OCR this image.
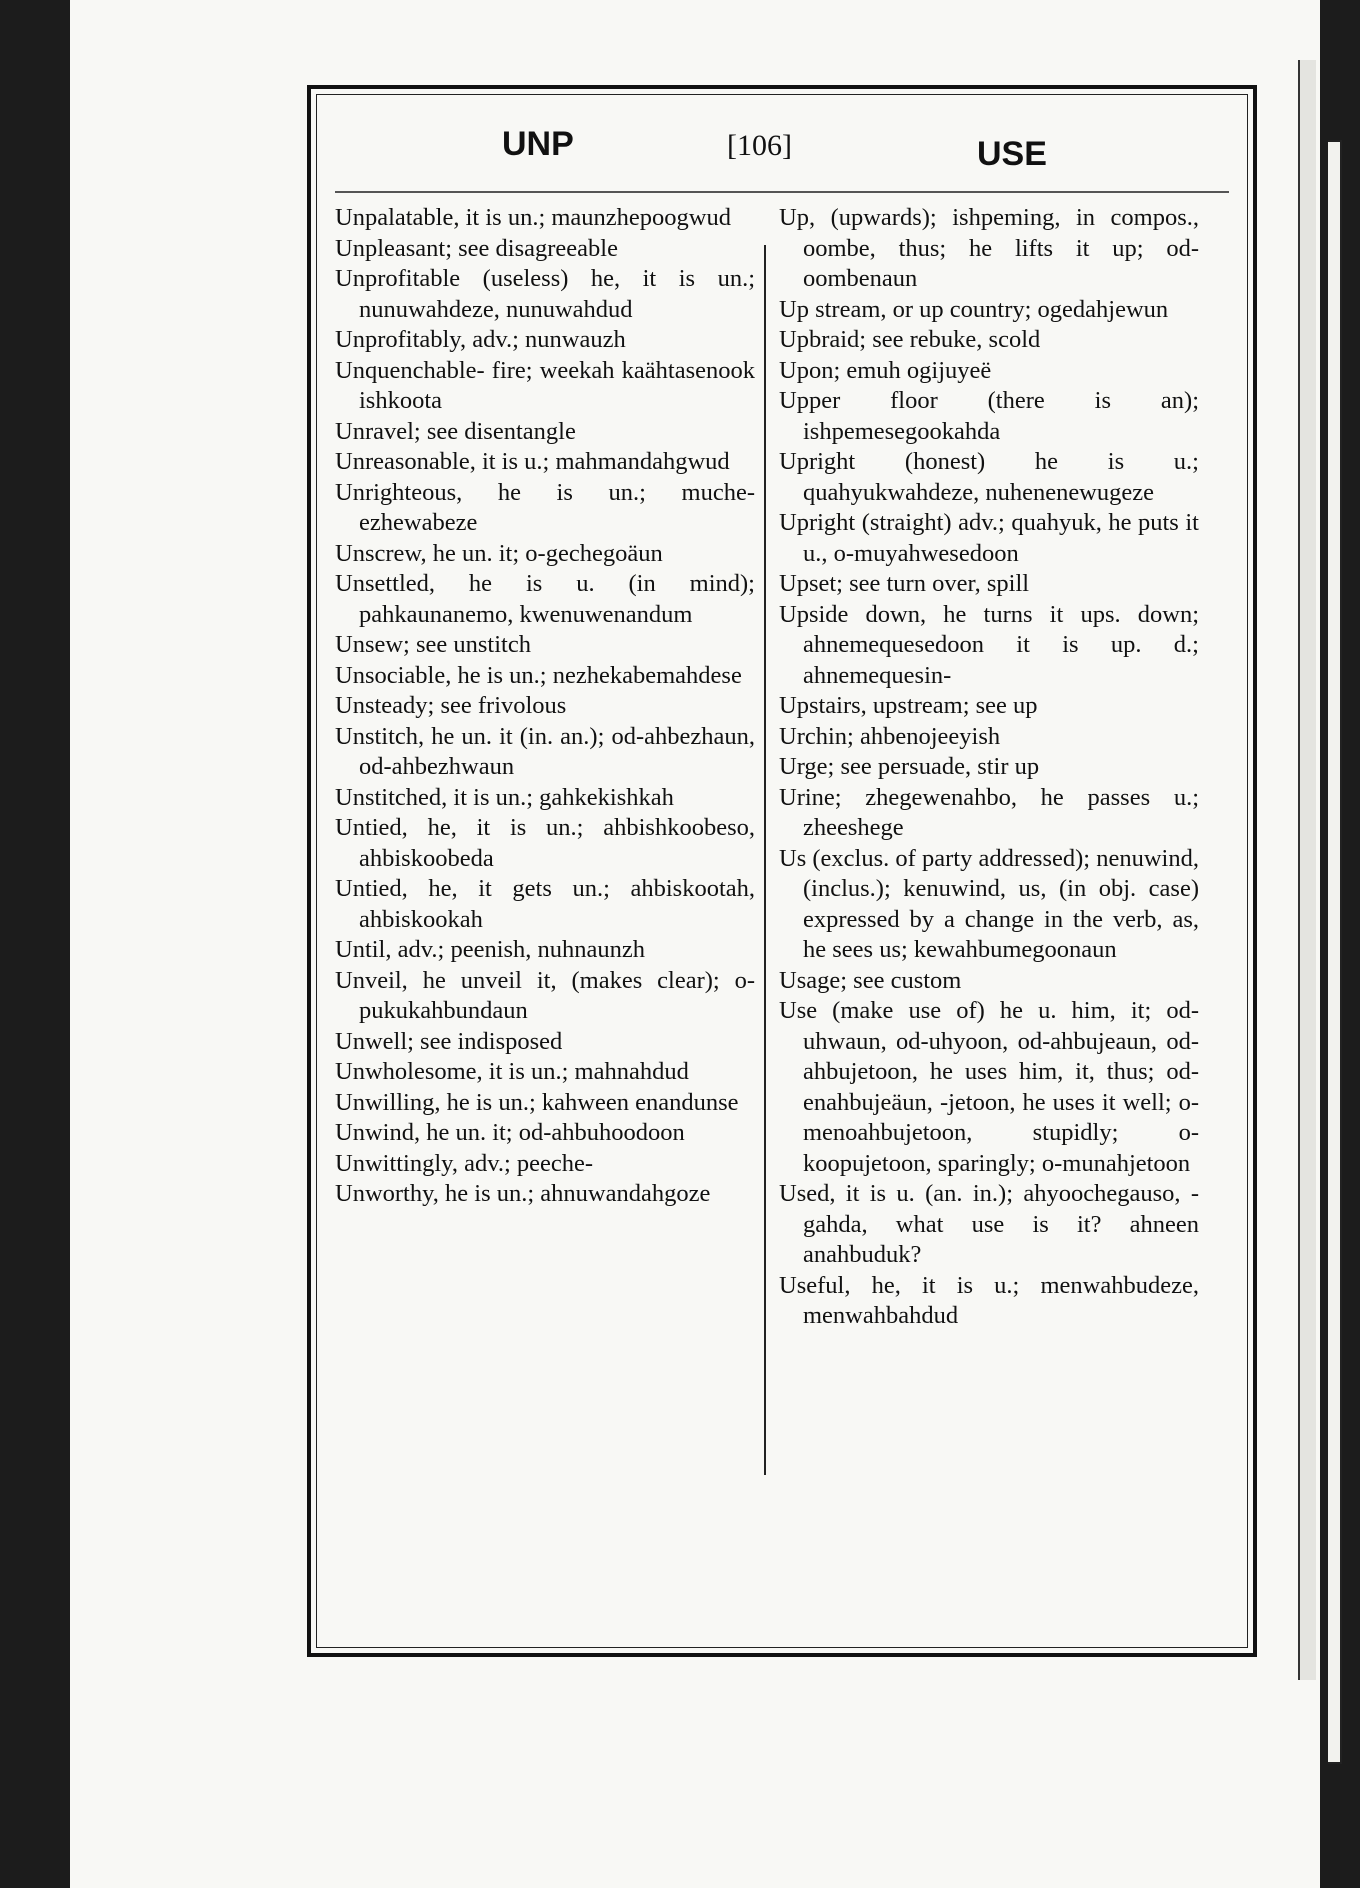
UNP	[106]	USE

Unpalatable, it is un.; maunzhepoogwud

Unpleasant; see disagreeable

Unprofitable (useless) he, it is un.; nunuwahdeze, nunuwahdud

Unprofitably, adv.; nunwauzh

Unquenchable- fire; weekah kaähtasenook ishkoota

Unravel; see disentangle

Unreasonable, it is u.; mahmandahgwud

Unrighteous, he is un.; muche-ezhewabeze

Unscrew, he un. it; o-gechegoäun

Unsettled, he is u. (in mind); pahkaunanemo, kwenuwenandum

Unsew; see unstitch

Unsociable, he is un.; nezhekabemahdese

Unsteady; see frivolous

Unstitch, he un. it (in. an.); od-ahbezhaun, od-ahbezhwaun

Unstitched, it is un.; gahkekishkah

Untied, he, it is un.; ahbishkoobeso, ahbiskoobeda

Untied, he, it gets un.; ahbiskootah, ahbiskookah

Until, adv.; peenish, nuhnaunzh

Unveil, he unveil it, (makes clear); o-pukukahbundaun

Unwell; see indisposed

Unwholesome, it is un.; mahnahdud

Unwilling, he is un.; kahween enandunse

Unwind, he un. it; od-ahbuhoodoon

Unwittingly, adv.; peeche-

Unworthy, he is un.; ahnuwandahgoze

Up, (upwards); ishpeming, in compos., oombe, thus; he lifts it up; od-oombenaun

Up stream, or up country; ogedahjewun

Upbraid; see rebuke, scold

Upon; emuh ogijuyeë

Upper floor (there is an); ishpemesegookahda

Upright (honest) he is u.; quahyukwahdeze, nuhenenewugeze

Upright (straight) adv.; quahyuk, he puts it u., o-muyahwesedoon

Upset; see turn over, spill

Upside down, he turns it ups. down; ahnemequesedoon it is up. d.; ahnemequesin-

Upstairs, upstream; see up

Urchin; ahbenojeeyish

Urge; see persuade, stir up

Urine; zhegewenahbo, he passes u.; zheeshege

Us (exclus. of party addressed); nenuwind, (inclus.); kenuwind, us, (in obj. case) expressed by a change in the verb, as, he sees us; kewahbumegoonaun

Usage; see custom

Use (make use of) he u. him, it; od-uhwaun, od-uhyoon, od-ahbujeaun, od-ahbujetoon, he uses him, it, thus; od-enahbujeäun, -jetoon, he uses it well; o-menoahbujetoon, stupidly; o-koopujetoon, sparingly; o-munahjetoon

Used, it is u. (an. in.); ahyoochegauso, -gahda, what use is it? ahneen anahbuduk?

Useful, he, it is u.; menwahbudeze, menwahbahdud
